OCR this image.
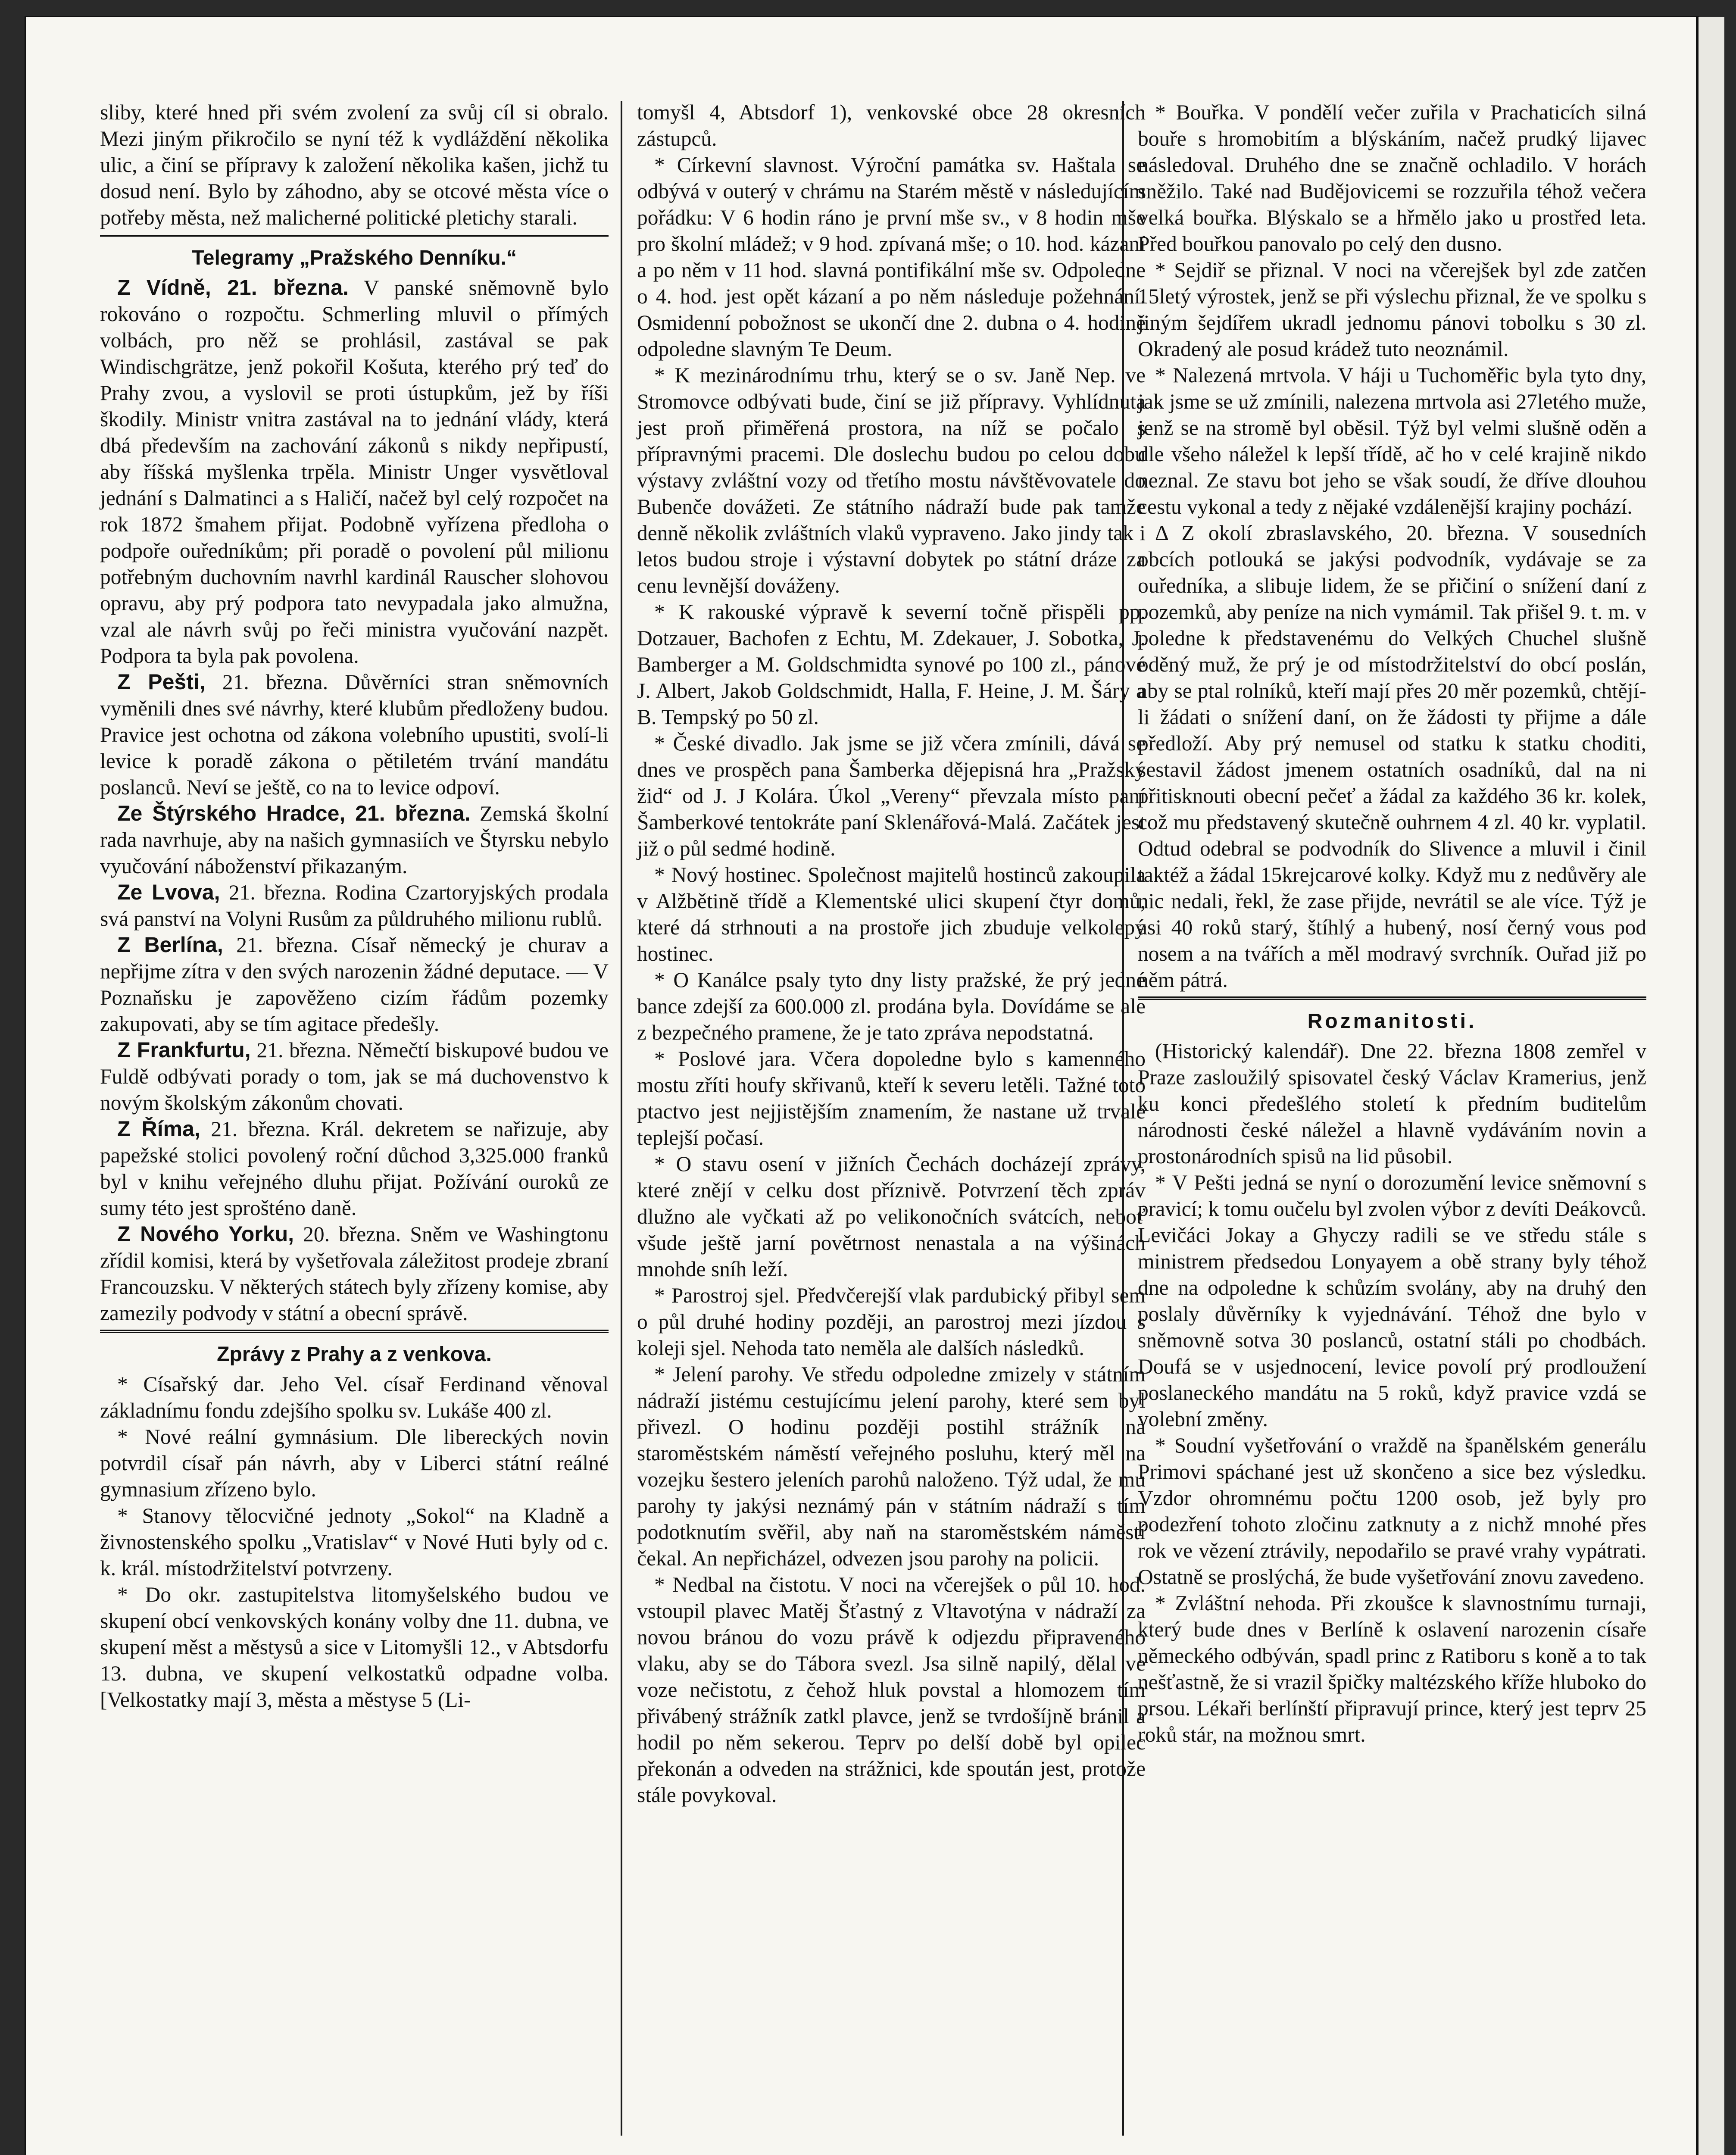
sliby, které hned při svém zvolení za svůj cíl si obralo. Mezi jiným přikročilo se nyní též k vydláždění několika ulic, a činí se přípravy k založení několika kašen, jichž tu dosud není. Bylo by záhodno, aby se otcové města více o potřeby města, než malicherné politické pletichy starali.

Telegramy „Pražského Denníku.“

Z Vídně, 21. března. V panské sněmovně bylo rokováno o rozpočtu. Schmerling mluvil o přímých volbách, pro něž se prohlásil, zastával se pak Windischgrätze, jenž pokořil Košuta, kterého prý teď do Prahy zvou, a vyslovil se proti ústupkům, jež by říši škodily. Ministr vnitra zastával na to jednání vlády, která dbá především na zachování zákonů s nikdy nepřipustí, aby říšská myšlenka trpěla. Ministr Unger vysvětloval jednání s Dalmatinci a s Haličí, načež byl celý rozpočet na rok 1872 šmahem přijat. Podobně vyřízena předloha o podpoře ouředníkům; při poradě o povolení půl milionu potřebným duchovním navrhl kardinál Rauscher slohovou opravu, aby prý podpora tato nevypadala jako almužna, vzal ale návrh svůj po řeči ministra vyučování nazpět. Podpora ta byla pak povolena.

Z Pešti, 21. března. Důvěrníci stran sněmovních vyměnili dnes své návrhy, které klubům předloženy budou. Pravice jest ochotna od zákona volebního upustiti, svolí-li levice k poradě zákona o pětiletém trvání mandátu poslanců. Neví se ještě, co na to levice odpoví.

Ze Štýrského Hradce, 21. března. Zemská školní rada navrhuje, aby na našich gymnasiích ve Štyrsku nebylo vyučování náboženství přikazaným.

Ze Lvova, 21. března. Rodina Czartoryjských prodala svá panství na Volyni Rusům za půldruhého milionu rublů.

Z Berlína, 21. března. Císař německý je churav a nepřijme zítra v den svých narozenin žádné deputace. — V Poznaňsku je zapověženo cizím řádům pozemky zakupovati, aby se tím agitace předešly.

Z Frankfurtu, 21. března. Němečtí biskupové budou ve Fuldě odbývati porady o tom, jak se má duchovenstvo k novým školským zákonům chovati.

Z Říma, 21. března. Král. dekretem se nařizuje, aby papežské stolici povolený roční důchod 3,325.000 franků byl v knihu veřejného dluhu přijat. Požívání ouroků ze sumy této jest sprošténo daně.

Z Nového Yorku, 20. března. Sněm ve Washingtonu zřídil komisi, která by vyšetřovala záležitost prodeje zbraní Francouzsku. V některých státech byly zřízeny komise, aby zamezily podvody v státní a obecní správě.

Zprávy z Prahy a z venkova.

* Císařský dar. Jeho Vel. císař Ferdinand věnoval základnímu fondu zdejšího spolku sv. Lukáše 400 zl.

* Nové reální gymnásium. Dle libereckých novin potvrdil císař pán návrh, aby v Liberci státní reálné gymnasium zřízeno bylo.

* Stanovy tělocvičné jednoty „Sokol“ na Kladně a živnostenského spolku „Vratislav“ v Nové Huti byly od c. k. král. místodržitelství potvrzeny.

* Do okr. zastupitelstva litomyšelského budou ve skupení obcí venkovských konány volby dne 11. dubna, ve skupení měst a městysů a sice v Litomyšli 12., v Abtsdorfu 13. dubna, ve skupení velkostatků odpadne volba. [Velkostatky mají 3, města a městyse 5 (Li-

tomyšl 4, Abtsdorf 1), venkovské obce 28 okresních zástupců.

* Církevní slavnost. Výroční památka sv. Haštala se odbývá v outerý v chrámu na Starém městě v následujícím pořádku: V 6 hodin ráno je první mše sv., v 8 hodin mše pro školní mládež; v 9 hod. zpívaná mše; o 10. hod. kázaní a po něm v 11 hod. slavná pontifikální mše sv. Odpoledne o 4. hod. jest opět kázaní a po něm následuje požehnání. Osmidenní pobožnost se ukončí dne 2. dubna o 4. hodině odpoledne slavným Te Deum.

* K mezinárodnímu trhu, který se o sv. Janě Nep. ve Stromovce odbývati bude, činí se již přípravy. Vyhlídnuta jest proň přiměřená prostora, na níž se počalo s přípravnými pracemi. Dle doslechu budou po celou dobu výstavy zvláštní vozy od třetího mostu návštěvovatele do Bubenče dovážeti. Ze státního nádraží bude pak tamže denně několik zvláštních vlaků vypraveno. Jako jindy tak i letos budou stroje i výstavní dobytek po státní dráze za cenu levnější dováženy.

* K rakouské výpravě k severní točně přispěli pp. Dotzauer, Bachofen z Echtu, M. Zdekauer, J. Sobotka, J. Bamberger a M. Goldschmidta synové po 100 zl., pánové J. Albert, Jakob Goldschmidt, Halla, F. Heine, J. M. Šáry a B. Tempský po 50 zl.

* České divadlo. Jak jsme se již včera zmínili, dává se dnes ve prospěch pana Šamberka dějepisná hra „Pražský žid“ od J. J Kolára. Úkol „Vereny“ převzala místo paní Šamberkové tentokráte paní Sklenářová-Malá. Začátek jest již o půl sedmé hodině.

* Nový hostinec. Společnost majitelů hostinců zakoupila v Alžbětině třídě a Klementské ulici skupení čtyr domů, které dá strhnouti a na prostoře jich zbuduje velkolepý hostinec.

* O Kanálce psaly tyto dny listy pražské, že prý jedné bance zdejší za 600.000 zl. prodána byla. Dovídáme se ale z bezpečného pramene, že je tato zpráva nepodstatná.

* Poslové jara. Včera dopoledne bylo s kamenného mostu zříti houfy skřivanů, kteří k severu letěli. Tažné toto ptactvo jest nejjistějším znamením, že nastane už trvale teplejší počasí.

* O stavu osení v jižních Čechách docházejí zprávy, které znějí v celku dost příznivě. Potvrzení těch zpráv dlužno ale vyčkati až po velikonočních svátcích, neboť všude ještě jarní povětrnost nenastala a na výšinách mnohde sníh leží.

* Parostroj sjel. Předvčerejší vlak pardubický přibyl sem o půl druhé hodiny později, an parostroj mezi jízdou s koleji sjel. Nehoda tato neměla ale dalších následků.

* Jelení parohy. Ve středu odpoledne zmizely v státním nádraží jistému cestujícímu jelení parohy, které sem byl přivezl. O hodinu později postihl strážník na staroměstském náměstí veřejného posluhu, který měl na vozejku šestero jeleních parohů naloženo. Týž udal, že mu parohy ty jakýsi neznámý pán v státním nádraží s tím podotknutím svěřil, aby naň na staroměstském náměstí čekal. An nepřicházel, odvezen jsou parohy na policii.

* Nedbal na čistotu. V noci na včerejšek o půl 10. hod. vstoupil plavec Matěj Šťastný z Vltavotýna v nádraží za novou bránou do vozu právě k odjezdu připraveného vlaku, aby se do Tábora svezl. Jsa silně napilý, dělal ve voze nečistotu, z čehož hluk povstal a hlomozem tím přivábený strážník zatkl plavce, jenž se tvrdošíjně bránil a hodil po něm sekerou. Teprv po delší době byl opilec překonán a odveden na strážnici, kde spoután jest, protože stále povykoval.

* Bouřka. V pondělí večer zuřila v Prachaticích silná bouře s hromobitím a blýskáním, načež prudký lijavec následoval. Druhého dne se značně ochladilo. V horách sněžilo. Také nad Budějovicemi se rozzuřila téhož večera velká bouřka. Blýskalo se a hřmělo jako u prostřed leta. Před bouřkou panovalo po celý den dusno.

* Sejdiř se přiznal. V noci na včerejšek byl zde zatčen 15letý výrostek, jenž se při výslechu přiznal, že ve spolku s jiným šejdířem ukradl jednomu pánovi tobolku s 30 zl. Okradený ale posud krádež tuto neoznámil.

* Nalezená mrtvola. V háji u Tuchoměřic byla tyto dny, jak jsme se už zmínili, nalezena mrtvola asi 27letého muže, jenž se na stromě byl oběsil. Týž byl velmi slušně oděn a dle všeho náležel k lepší třídě, ač ho v celé krajině nikdo neznal. Ze stavu bot jeho se však soudí, že dříve dlouhou cestu vykonal a tedy z nějaké vzdálenější krajiny pochází.

Δ Z okolí zbraslavského, 20. března. V sousedních obcích potlouká se jakýsi podvodník, vydávaje se za ouředníka, a slibuje lidem, že se přičiní o snížení daní z pozemků, aby peníze na nich vymámil. Tak přišel 9. t. m. v poledne k představenému do Velkých Chuchel slušně oděný muž, že prý je od místodržitelství do obcí poslán, aby se ptal rolníků, kteří mají přes 20 měr pozemků, chtějí-li žádati o snížení daní, on že žádosti ty přijme a dále předloží. Aby prý nemusel od statku k statku choditi, sestavil žádost jmenem ostatních osadníků, dal na ni přitisknouti obecní pečeť a žádal za každého 36 kr. kolek, což mu představený skutečně ouhrnem 4 zl. 40 kr. vyplatil. Odtud odebral se podvodník do Slivence a mluvil i činil taktéž a žádal 15krejcarové kolky. Když mu z nedůvěry ale nic nedali, řekl, že zase přijde, nevrátil se ale více. Týž je asi 40 roků starý, štíhlý a hubený, nosí černý vous pod nosem a na tvářích a měl modravý svrchník. Ouřad již po něm pátrá.

Rozmanitosti.

(Historický kalendář). Dne 22. března 1808 zemřel v Praze zasloužilý spisovatel český Václav Kramerius, jenž ku konci předešlého století k předním buditelům národnosti české náležel a hlavně vydáváním novin a prostonárodních spisů na lid působil.

* V Pešti jedná se nyní o dorozumění levice sněmovní s pravicí; k tomu oučelu byl zvolen výbor z devíti Deákovců. Levičáci Jokay a Ghyczy radili se ve středu stále s ministrem předsedou Lonyayem a obě strany byly téhož dne na odpoledne k schůzím svolány, aby na druhý den poslaly důvěrníky k vyjednávání. Téhož dne bylo v sněmovně sotva 30 poslanců, ostatní stáli po chodbách. Doufá se v usjednocení, levice povolí prý prodloužení poslaneckého mandátu na 5 roků, když pravice vzdá se volební změny.

* Soudní vyšetřování o vraždě na španělském generálu Primovi spáchané jest už skončeno a sice bez výsledku. Vzdor ohromnému počtu 1200 osob, jež byly pro podezření tohoto zločinu zatknuty a z nichž mnohé přes rok ve vězení ztrávily, nepodařilo se pravé vrahy vypátrati. Ostatně se proslýchá, že bude vyšetřování znovu zavedeno.

* Zvláštní nehoda. Při zkoušce k slavnostnímu turnaji, který bude dnes v Berlíně k oslavení narozenin císaře německého odbýván, spadl princ z Ratiboru s koně a to tak nešťastně, že si vrazil špičky maltézského kříže hluboko do prsou. Lékaři berlínští připravují prince, který jest teprv 25 roků stár, na možnou smrt.
